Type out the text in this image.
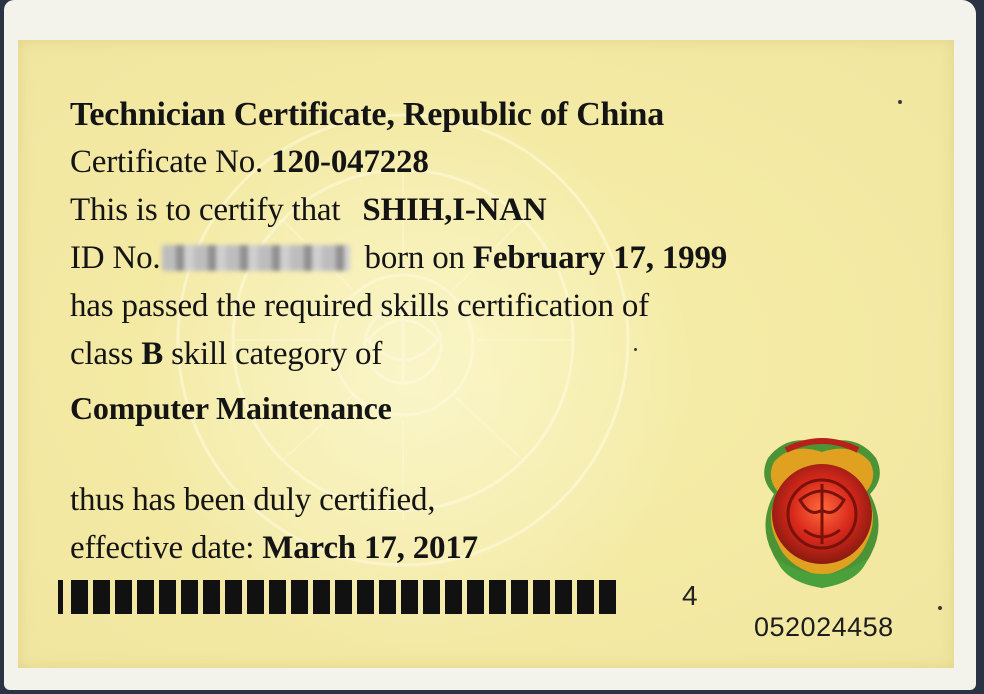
Technician Certificate, Republic of China
Certificate No. 120-047228
This is to certify that SHIH,I-NAN
ID No.	born on February 17, 1999
has passed the required skills certification of
class B skill category of
Computer Maintenance
thus has been duly certified,
effective date: March 17, 2017
4
052024458
